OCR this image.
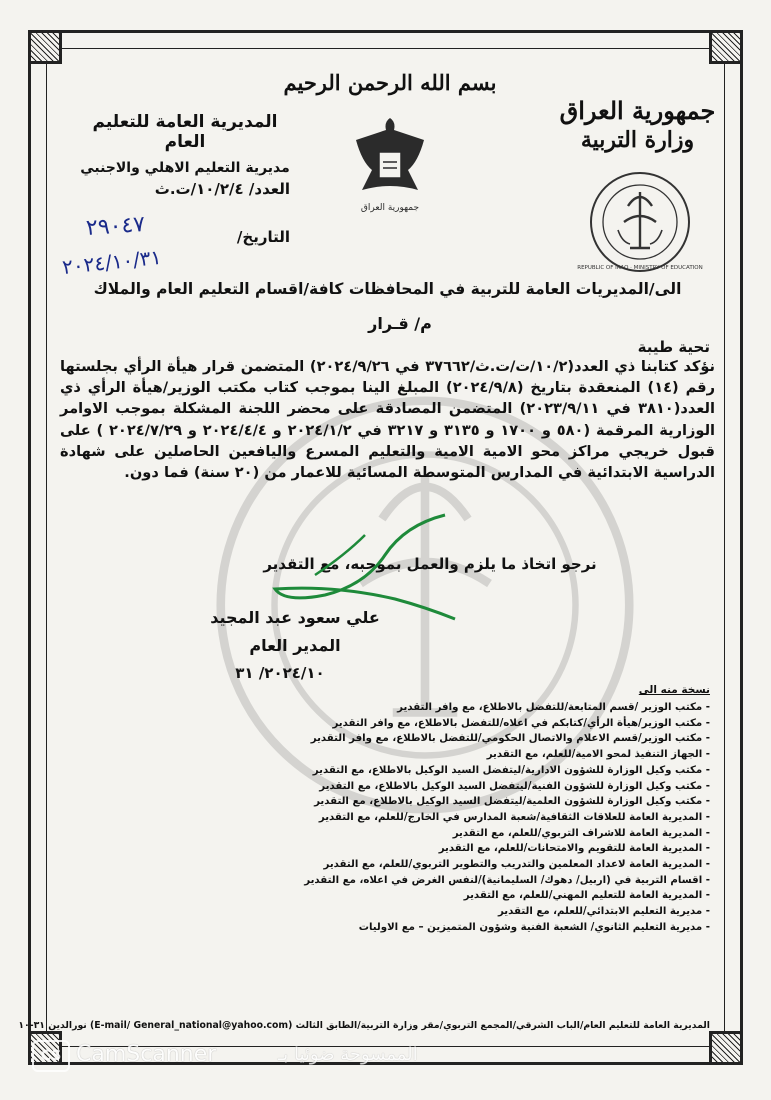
بسم الله الرحمن الرحيم
جمهورية العراق
وزارة التربية
المديرية العامة للتعليم العام
مديرية التعليم الاهلي والاجنبي
جمهورية العراق
REPUBLIC OF IRAQ · MINISTRY OF EDUCATION
العدد/ ١٠/٢/٤/ت.ث
التاريخ/
٢٩٠٤٧
٢٠٢٤/١٠/٣١
الى/المديريات العامة للتربية في المحافظات كافة/اقسام التعليم العام والملاك
م/ قـرار
تحية طيبة
نؤكد كتابنا ذي العدد(١٠/٢/ت/ت.ث/٣٧٦٦٢ في ٢٠٢٤/٩/٢٦) المتضمن قرار هيأة الرأي بجلستها رقم (١٤) المنعقدة بتاريخ (٢٠٢٤/٩/٨) المبلغ الينا بموجب كتاب مكتب الوزير/هيأة الرأي ذي العدد(٣٨١٠ في ٢٠٢٣/٩/١١) المتضمن المصادقة على محضر اللجنة المشكلة بموجب الاوامر الوزارية المرقمة (٥٨٠ و ١٧٠٠ و ٣١٣٥ و ٣٢١٧ في ٢٠٢٤/١/٢ و ٢٠٢٤/٤/٤ و ٢٠٢٤/٧/٢٩ ) على قبول خريجي مراكز محو الامية الامية والتعليم المسرع واليافعين الحاصلين على شهادة الدراسية الابتدائية في المدارس المتوسطة المسائية للاعمار من (٢٠ سنة) فما دون.
نرجو اتخاذ ما يلزم والعمل بموجبه، مع التقدير
علي سعود عبد المجيد
المدير العام
٢٠٢٤/١٠/ ٣١
نسخة منه الى
- مكتب الوزير /قسم المتابعة/للتفضل بالاطلاع، مع وافر التقدير
- مكتب الوزير/هيأة الرأي/كتابكم في اعلاه/للتفضل بالاطلاع، مع وافر التقدير
- مكتب الوزير/قسم الاعلام والاتصال الحكومي/للتفضل بالاطلاع، مع وافر التقدير
- الجهاز التنفيذ لمحو الامية/للعلم، مع التقدير
- مكتب وكيل الوزارة للشؤون الادارية/ليتفضل السيد الوكيل بالاطلاع، مع التقدير
- مكتب وكيل الوزارة للشؤون الفنية/ليتفضل السيد الوكيل بالاطلاع، مع التقدير
- مكتب وكيل الوزارة للشؤون العلمية/ليتفضل السيد الوكيل بالاطلاع، مع التقدير
- المديرية العامة للعلاقات الثقافية/شعبة المدارس في الخارج/للعلم، مع التقدير
- المديرية العامة للاشراف التربوي/للعلم، مع التقدير
- المديرية العامة للتقويم والامتحانات/للعلم، مع التقدير
- المديرية العامة لاعداد المعلمين والتدريب والتطوير التربوي/للعلم، مع التقدير
- اقسام التربية في (اربيل/ دهوك/ السليمانية)/لنفس الغرض في اعلاه، مع التقدير
- المديرية العامة للتعليم المهني/للعلم، مع التقدير
- مديرية التعليم الابتدائي/للعلم، مع التقدير
- مديرية التعليم الثانوي/ الشعبة الفنية وشؤون المتميزين – مع الاوليات
المديرية العامة للتعليم العام/الباب الشرقي/المجمع التربوي/مقر وزارة التربية/الطابق الثالث (E-mail/ General_national@yahoo.com) نورالدين ٣١-١٠
CS CamScanner	الممسوحة ضوئيا بـ
